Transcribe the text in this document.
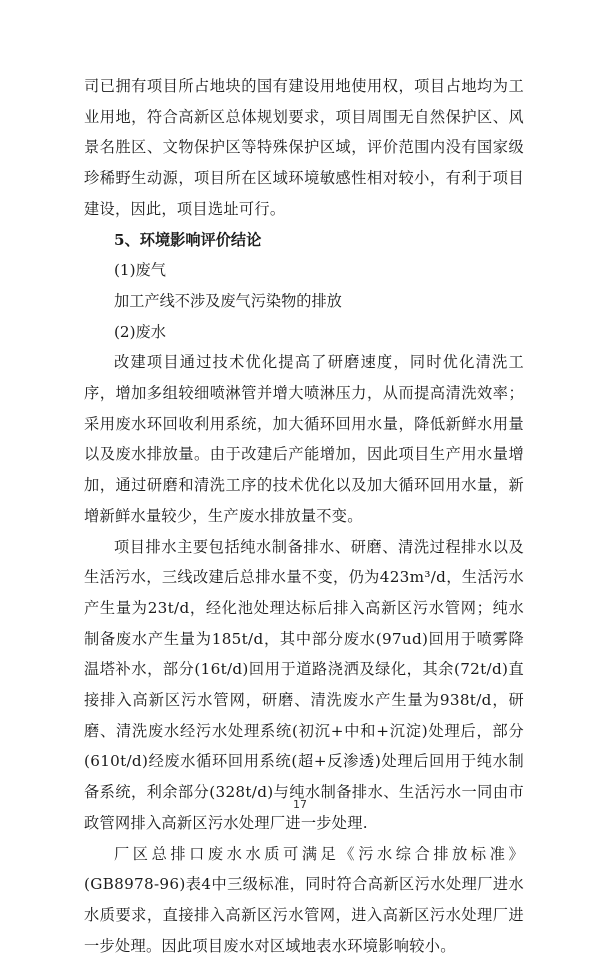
司已拥有项目所占地块的国有建设用地使用权，项目占地均为工业用地，符合高新区总体规划要求，项目周围无自然保护区、风景名胜区、文物保护区等特殊保护区域，评价范围内没有国家级珍稀野生动源，项目所在区域环境敏感性相对较小，有利于项目建设，因此，项目选址可行。

5、环境影响评价结论

(1)废气

加工产线不涉及废气污染物的排放

(2)废水

改建项目通过技术优化提高了研磨速度，同时优化清洗工序，增加多组较细喷淋管并增大喷淋压力，从而提高清洗效率；采用废水环回收利用系统，加大循环回用水量，降低新鲜水用量以及废水排放量。由于改建后产能增加，因此项目生产用水量增加，通过研磨和清洗工序的技术优化以及加大循环回用水量，新增新鲜水量较少，生产废水排放量不变。

项目排水主要包括纯水制备排水、研磨、清洗过程排水以及生活污水，三线改建后总排水量不变，仍为423m³/d，生活污水产生量为23t/d，经化池处理达标后排入高新区污水管网；纯水制备废水产生量为185t/d，其中部分废水(97ud)回用于喷雾降温塔补水，部分(16t/d)回用于道路浇洒及绿化，其余(72t/d)直接排入高新区污水管网，研磨、清洗废水产生量为938t/d，研磨、清洗废水经污水处理系统(初沉+中和+沉淀)处理后，部分(610t/d)经废水循环回用系统(超+反渗透)处理后回用于纯水制备系统，利余部分(328t/d)与纯水制备排水、生活污水一同由市政管网排入高新区污水处理厂进一步处理.

厂区总排口废水水质可满足《污水综合排放标准》(GB8978-96)表4中三级标准，同时符合高新区污水处理厂进水水质要求，直接排入高新区污水管网，进入高新区污水处理厂进一步处理。因此项目废水对区域地表水环境影响较小。

17
